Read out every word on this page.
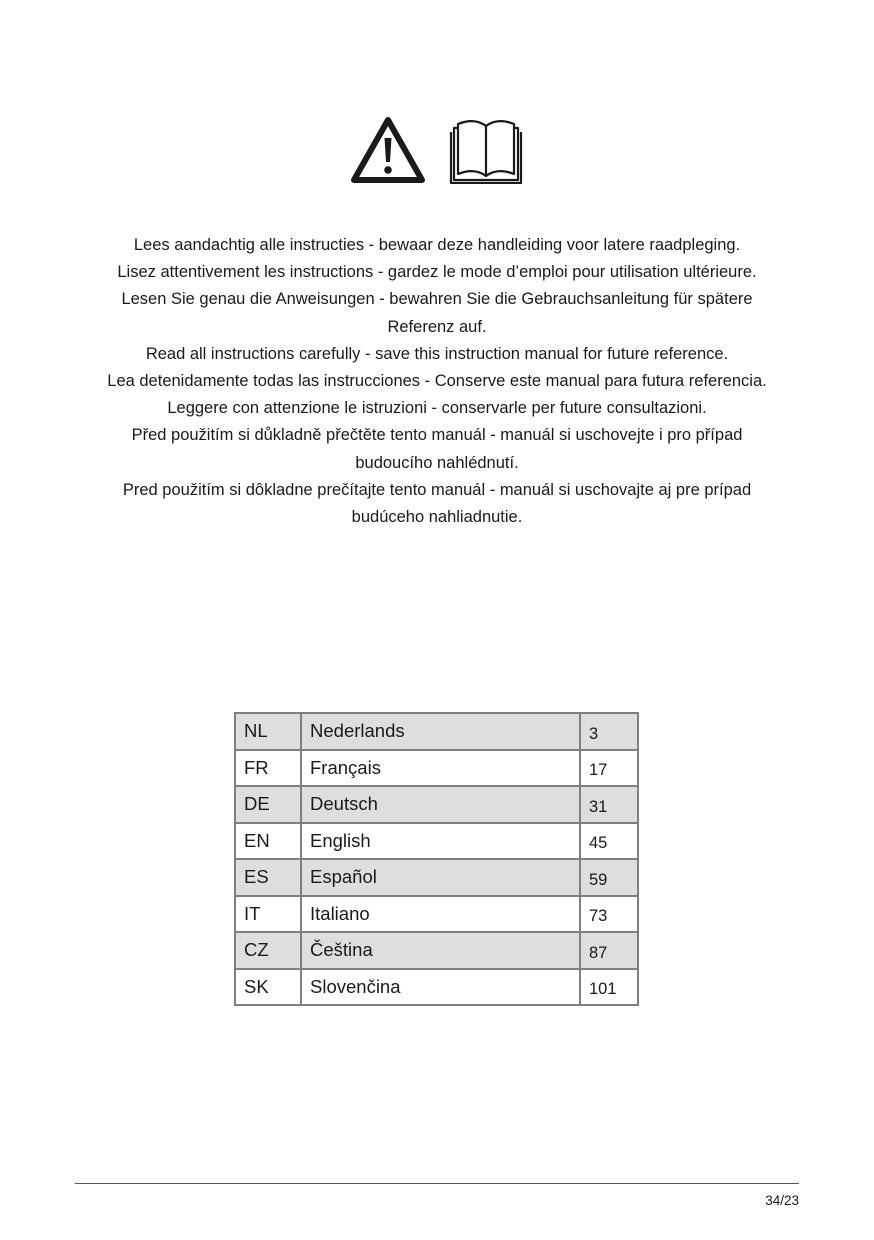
Lees aandachtig alle instructies - bewaar deze handleiding voor latere raadpleging.

Lisez attentivement les instructions - gardez le mode d’emploi pour utilisation ultérieure.

Lesen Sie genau die Anweisungen - bewahren Sie die Gebrauchsanleitung für spätere Referenz auf.

Read all instructions carefully - save this instruction manual for future reference.

Lea detenidamente todas las instrucciones - Conserve este manual para futura referencia.

Leggere con attenzione le istruzioni - conservarle per future consultazioni.

Před použitím si důkladně přečtěte tento manuál - manuál si uschovejte i pro případ budoucího nahlédnutí.

Pred použitím si dôkladne prečítajte tento manuál - manuál si uschovajte aj pre prípad budúceho nahliadnutie.

NL	Nederlands	3
FR	Français	17
DE	Deutsch	31
EN	English	45
ES	Español	59
IT	Italiano	73
CZ	Čeština	87
SK	Slovenčina	101
34/23
